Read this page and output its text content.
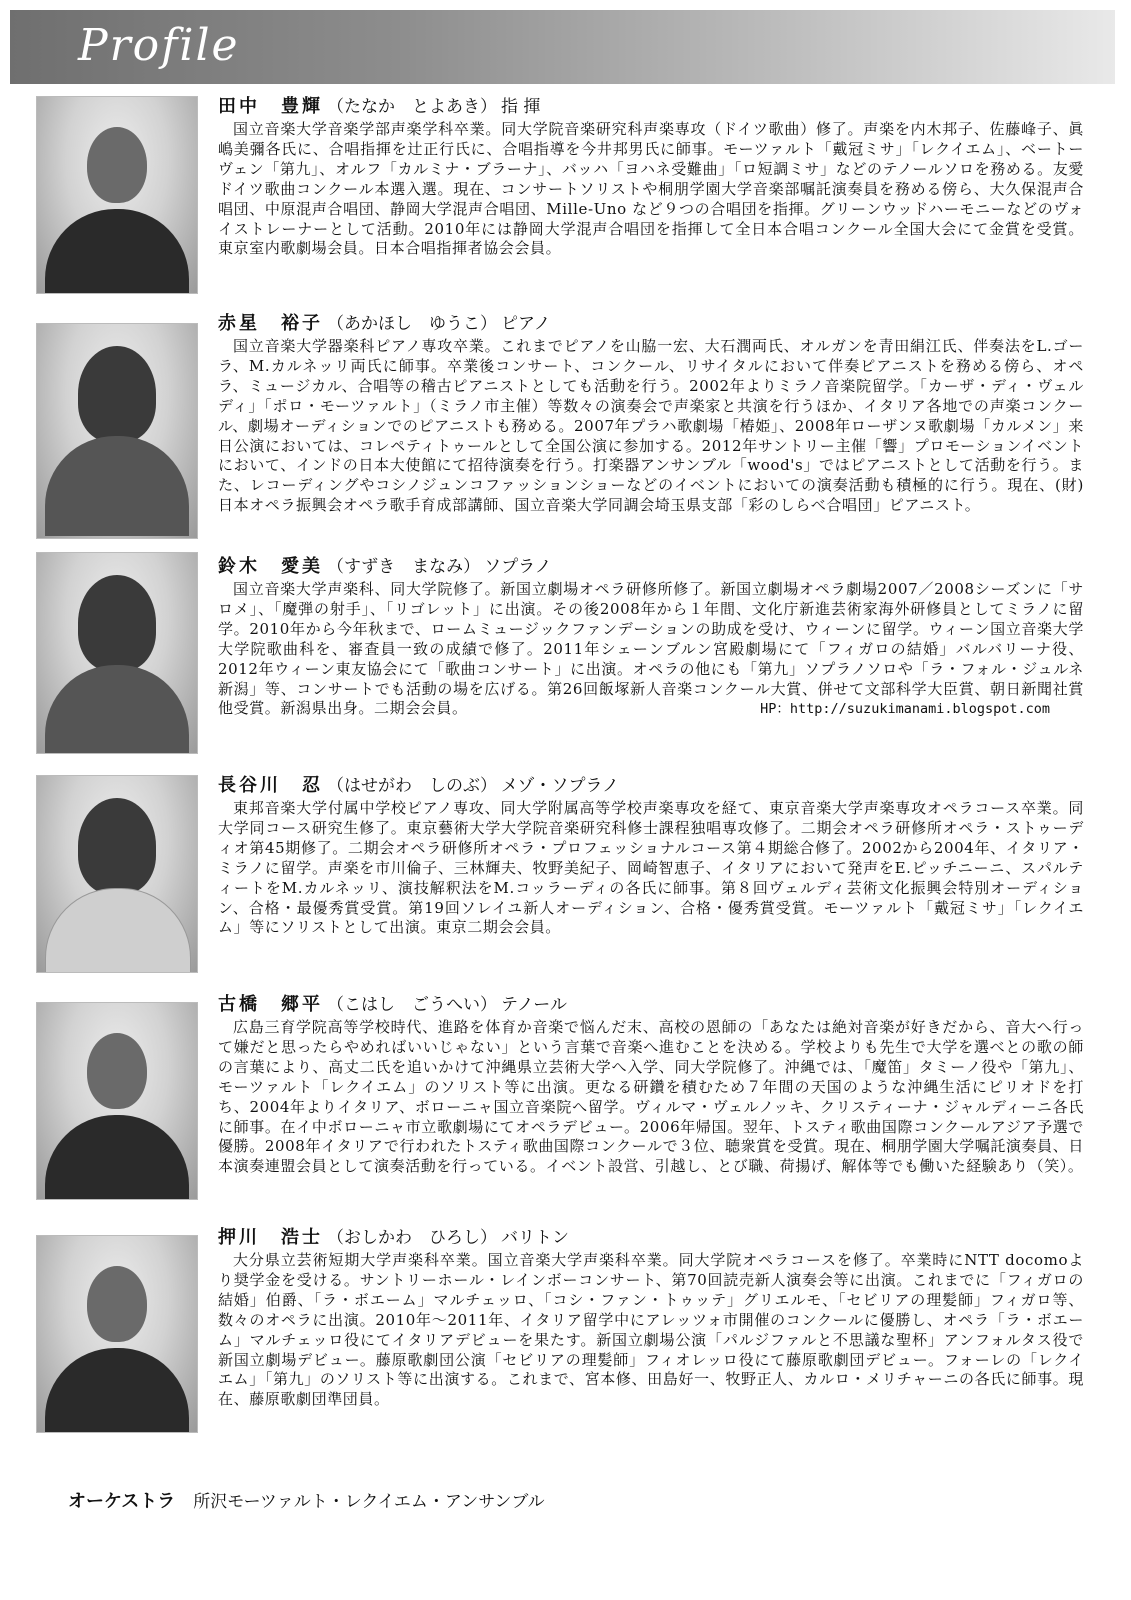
Profile
田中　豊輝 （たなか　とよあき） 指 揮
国立音楽大学音楽学部声楽学科卒業。同大学院音楽研究科声楽専攻（ドイツ歌曲）修了。声楽を内木邦子、佐藤峰子、眞嶋美彌各氏に、合唱指揮を辻正行氏に、合唱指導を今井邦男氏に師事。モーツァルト「戴冠ミサ」「レクイエム」、ベートーヴェン「第九」、オルフ「カルミナ・ブラーナ」、バッハ「ヨハネ受難曲」「ロ短調ミサ」などのテノールソロを務める。友愛ドイツ歌曲コンクール本選入選。現在、コンサートソリストや桐朋学園大学音楽部嘱託演奏員を務める傍ら、大久保混声合唱団、中原混声合唱団、静岡大学混声合唱団、Mille-Uno など９つの合唱団を指揮。グリーンウッドハーモニーなどのヴォイストレーナーとして活動。2010年には静岡大学混声合唱団を指揮して全日本合唱コンクール全国大会にて金賞を受賞。東京室内歌劇場会員。日本合唱指揮者協会会員。
赤星　裕子 （あかほし　ゆうこ） ピアノ
国立音楽大学器楽科ピアノ専攻卒業。これまでピアノを山脇一宏、大石潤両氏、オルガンを青田絹江氏、伴奏法をL.ゴーラ、M.カルネッリ両氏に師事。卒業後コンサート、コンクール、リサイタルにおいて伴奏ピアニストを務める傍ら、オペラ、ミュージカル、合唱等の稽古ピアニストとしても活動を行う。2002年よりミラノ音楽院留学。「カーザ・ディ・ヴェルディ」「ポロ・モーツァルト」（ミラノ市主催）等数々の演奏会で声楽家と共演を行うほか、イタリア各地での声楽コンクール、劇場オーディションでのピアニストも務める。2007年プラハ歌劇場「椿姫」、2008年ローザンヌ歌劇場「カルメン」来日公演においては、コレペティトゥールとして全国公演に参加する。2012年サントリー主催「響」プロモーションイベントにおいて、インドの日本大使館にて招待演奏を行う。打楽器アンサンブル「wood's」ではピアニストとして活動を行う。また、レコーディングやコシノジュンコファッションショーなどのイベントにおいての演奏活動も積極的に行う。現在、(財)日本オペラ振興会オペラ歌手育成部講師、国立音楽大学同調会埼玉県支部「彩のしらべ合唱団」ピアニスト。
鈴木　愛美 （すずき　まなみ） ソプラノ
国立音楽大学声楽科、同大学院修了。新国立劇場オペラ研修所修了。新国立劇場オペラ劇場2007／2008シーズンに「サロメ」、「魔弾の射手」、「リゴレット」に出演。その後2008年から１年間、文化庁新進芸術家海外研修員としてミラノに留学。2010年から今年秋まで、ロームミュージックファンデーションの助成を受け、ウィーンに留学。ウィーン国立音楽大学大学院歌曲科を、審査員一致の成績で修了。2011年シェーンブルン宮殿劇場にて「フィガロの結婚」バルバリーナ役、2012年ウィーン東友協会にて「歌曲コンサート」に出演。オペラの他にも「第九」ソプラノソロや「ラ・フォル・ジュルネ新潟」等、コンサートでも活動の場を広げる。第26回飯塚新人音楽コンクール大賞、併せて文部科学大臣賞、朝日新聞社賞他受賞。新潟県出身。二期会会員。	HP：http://suzukimanami.blogspot.com
長谷川　忍 （はせがわ　しのぶ） メゾ・ソプラノ
東邦音楽大学付属中学校ピアノ専攻、同大学附属高等学校声楽専攻を経て、東京音楽大学声楽専攻オペラコース卒業。同大学同コース研究生修了。東京藝術大学大学院音楽研究科修士課程独唱専攻修了。二期会オペラ研修所オペラ・ストゥーディオ第45期修了。二期会オペラ研修所オペラ・プロフェッショナルコース第４期総合修了。2002から2004年、イタリア・ミラノに留学。声楽を市川倫子、三林輝夫、牧野美紀子、岡崎智恵子、イタリアにおいて発声をE.ピッチニーニ、スパルティートをM.カルネッリ、演技解釈法をM.コッラーディの各氏に師事。第８回ヴェルディ芸術文化振興会特別オーディション、合格・最優秀賞受賞。第19回ソレイユ新人オーディション、合格・優秀賞受賞。モーツァルト「戴冠ミサ」「レクイエム」等にソリストとして出演。東京二期会会員。
古橋　郷平 （こはし　ごうへい） テノール
広島三育学院高等学校時代、進路を体育か音楽で悩んだ末、高校の恩師の「あなたは絶対音楽が好きだから、音大へ行って嫌だと思ったらやめればいいじゃない」という言葉で音楽へ進むことを決める。学校よりも先生で大学を選べとの歌の師の言葉により、高丈二氏を追いかけて沖縄県立芸術大学へ入学、同大学院修了。沖縄では、「魔笛」タミーノ役や「第九」、モーツァルト「レクイエム」のソリスト等に出演。更なる研鑽を積むため７年間の天国のような沖縄生活にピリオドを打ち、2004年よりイタリア、ボローニャ国立音楽院へ留学。ヴィルマ・ヴェルノッキ、クリスティーナ・ジャルディーニ各氏に師事。在イ中ボローニャ市立歌劇場にてオペラデビュー。2006年帰国。翌年、トスティ歌曲国際コンクールアジア予選で優勝。2008年イタリアで行われたトスティ歌曲国際コンクールで３位、聴衆賞を受賞。現在、桐朋学園大学嘱託演奏員、日本演奏連盟会員として演奏活動を行っている。イベント設営、引越し、とび職、荷揚げ、解体等でも働いた経験あり（笑）。
押川　浩士 （おしかわ　ひろし） バリトン
大分県立芸術短期大学声楽科卒業。国立音楽大学声楽科卒業。同大学院オペラコースを修了。卒業時にNTT docomoより奨学金を受ける。サントリーホール・レインボーコンサート、第70回読売新人演奏会等に出演。これまでに「フィガロの結婚」伯爵、「ラ・ボエーム」マルチェッロ、「コシ・ファン・トゥッテ」グリエルモ、「セビリアの理髪師」フィガロ等、数々のオペラに出演。2010年〜2011年、イタリア留学中にアレッツォ市開催のコンクールに優勝し、オペラ「ラ・ボエーム」マルチェッロ役にてイタリアデビューを果たす。新国立劇場公演「パルジファルと不思議な聖杯」アンフォルタス役で新国立劇場デビュー。藤原歌劇団公演「セビリアの理髪師」フィオレッロ役にて藤原歌劇団デビュー。フォーレの「レクイエム」「第九」のソリスト等に出演する。これまで、宮本修、田島好一、牧野正人、カルロ・メリチャーニの各氏に師事。現在、藤原歌劇団準団員。
オーケストラ 所沢モーツァルト・レクイエム・アンサンブル
